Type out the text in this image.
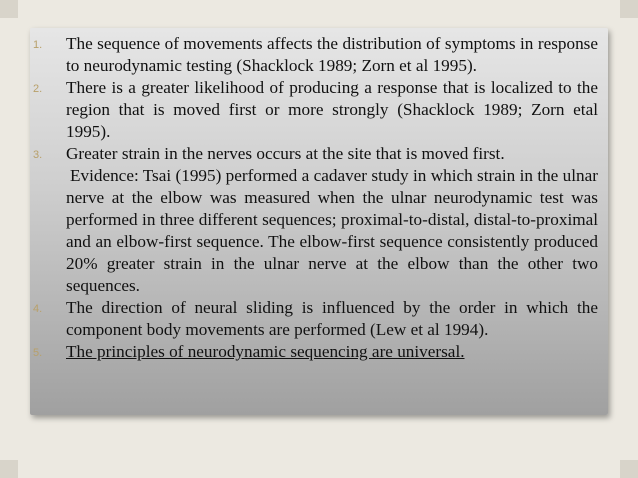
1. The sequence of movements affects the distribution of symptoms in response to neurodynamic testing (Shacklock 1989; Zorn et al 1995).
2. There is a greater likelihood of producing a response that is localized to the region that is moved first or more strongly (Shacklock 1989; Zorn etal 1995).
3. Greater strain in the nerves occurs at the site that is moved first.
Evidence: Tsai (1995) performed a cadaver study in which strain in the ulnar nerve at the elbow was measured when the ulnar neurodynamic test was performed in three different sequences; proximal-to-distal, distal-to-proximal and an elbow-first sequence. The elbow-first sequence consistently produced 20% greater strain in the ulnar nerve at the elbow than the other two sequences.
4. The direction of neural sliding is influenced by the order in which the component body movements are performed (Lew et al 1994).
5. The principles of neurodynamic sequencing are universal.
